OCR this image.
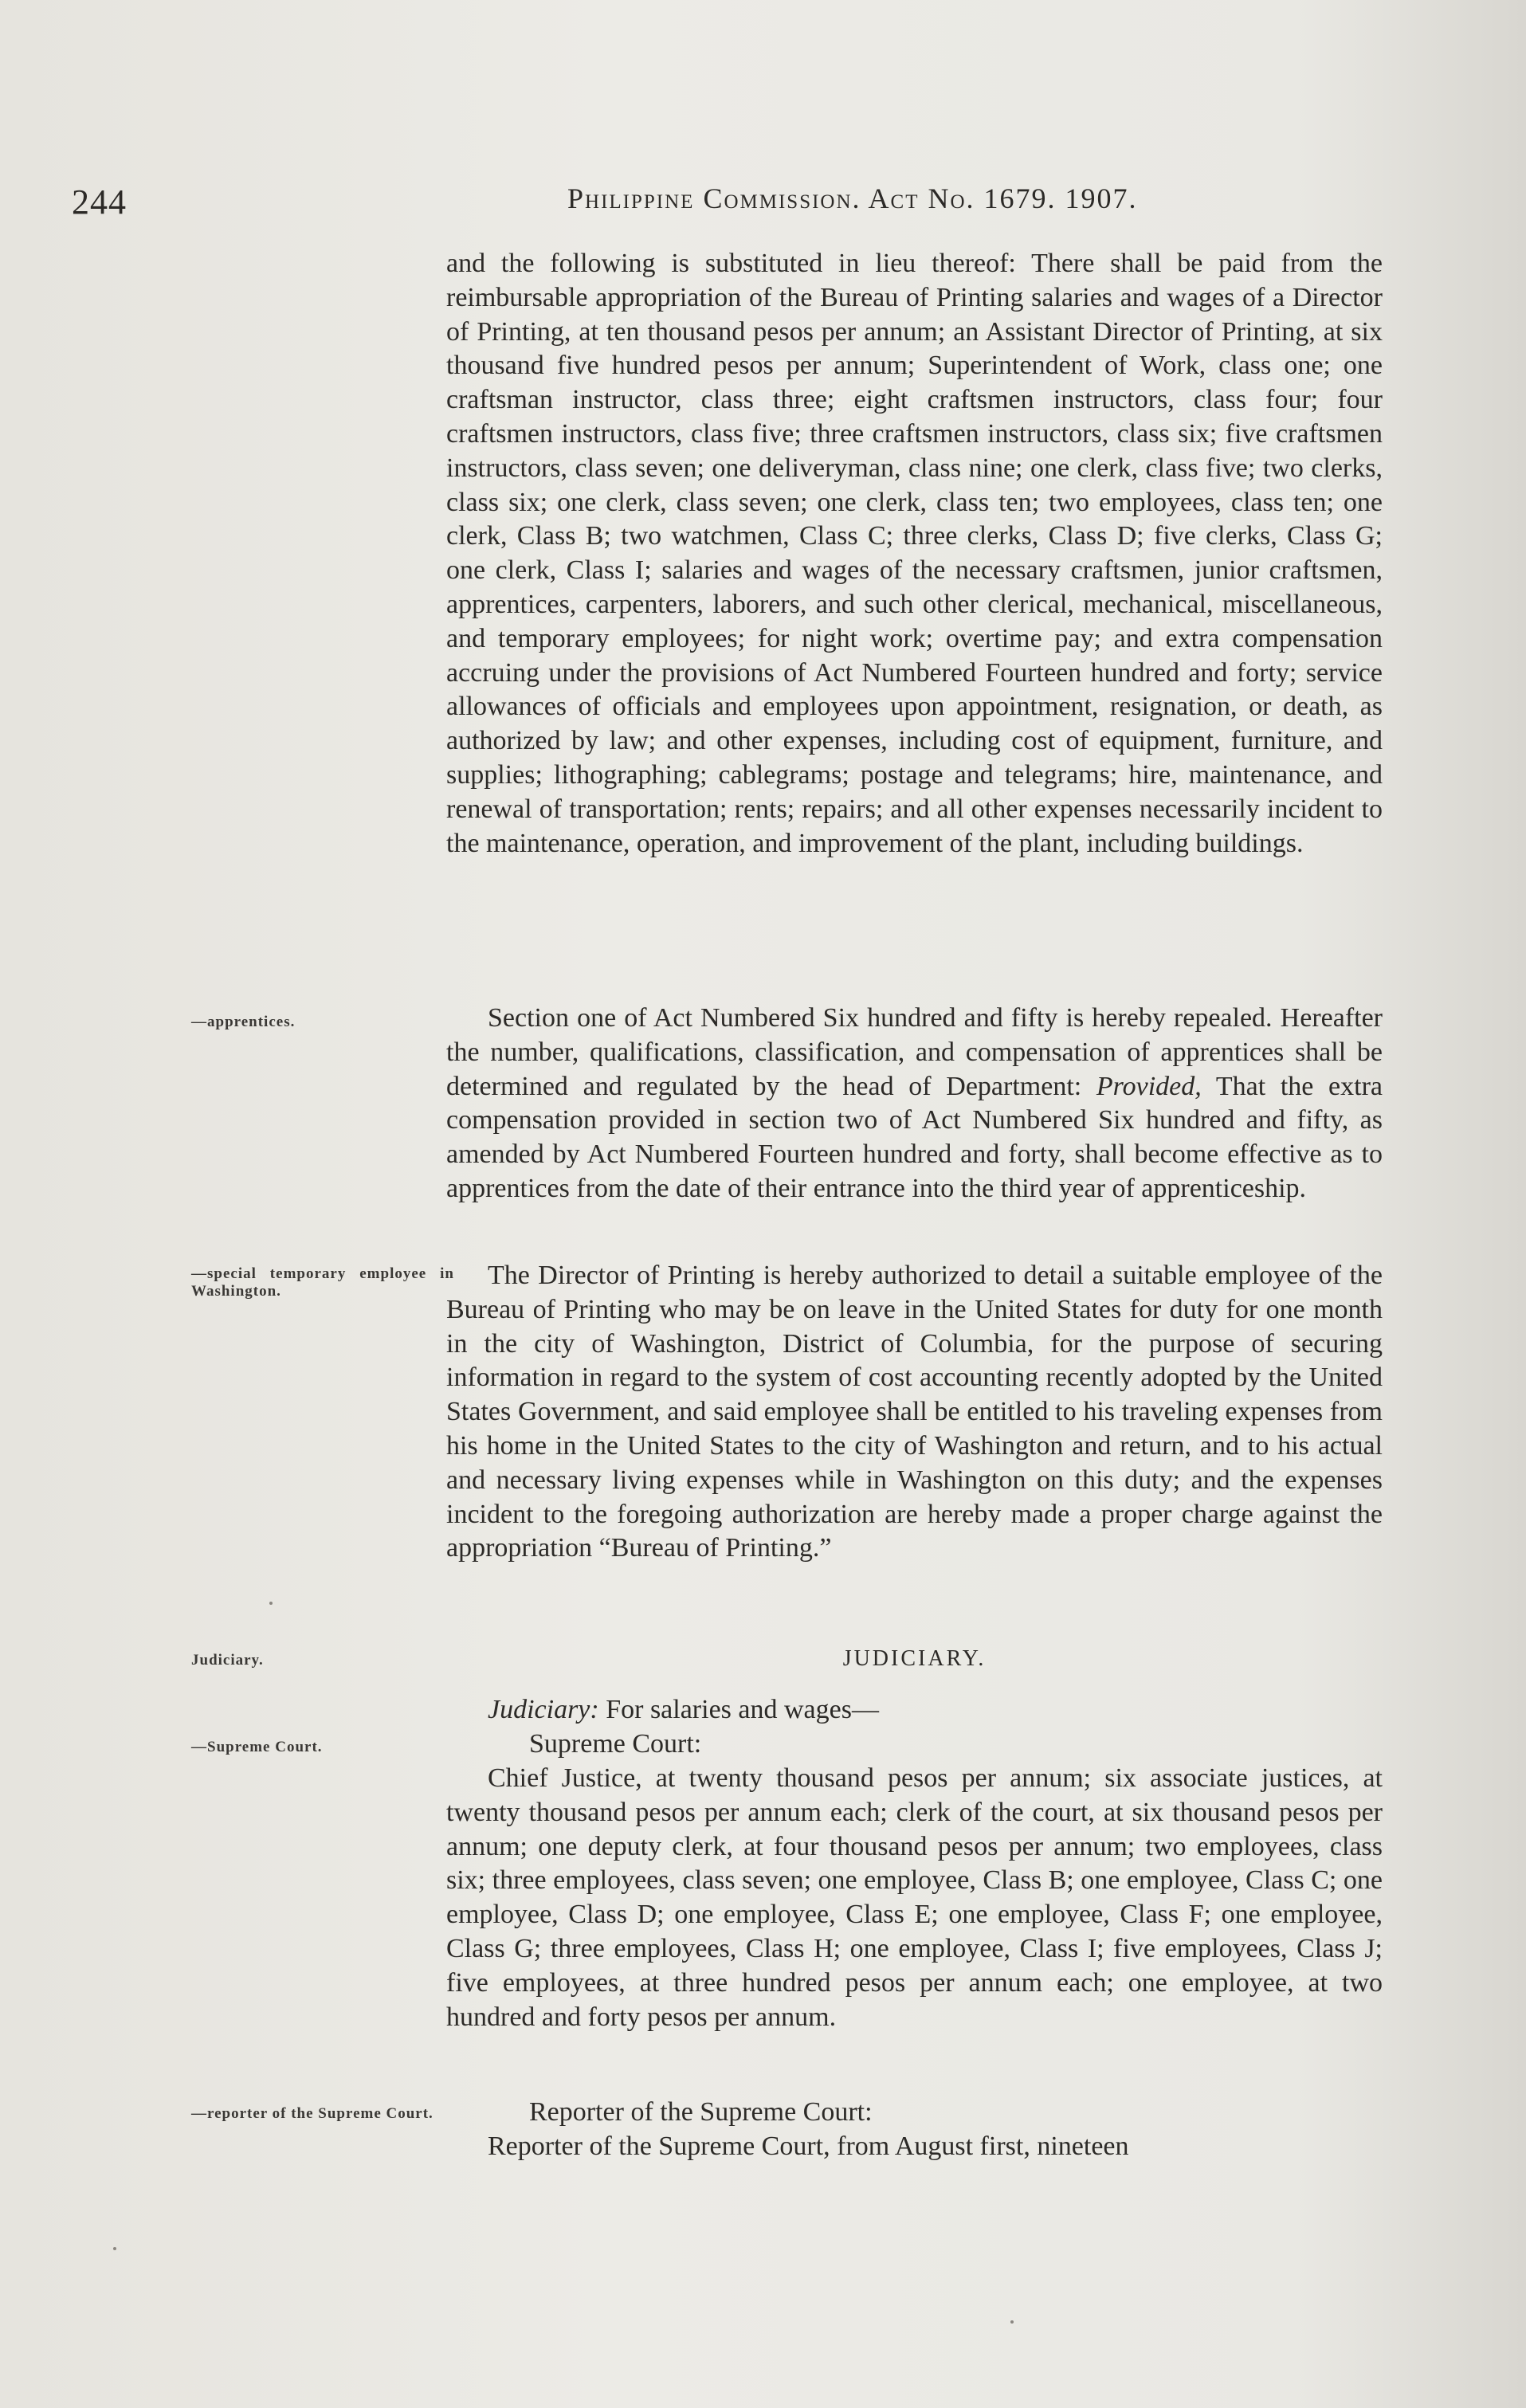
244	Philippine Commission. Act No. 1679. 1907.

and the following is substituted in lieu thereof: There shall be paid from the reimbursable appropriation of the Bureau of Printing salaries and wages of a Director of Printing, at ten thousand pesos per annum; an Assistant Director of Printing, at six thousand five hundred pesos per annum; Superintendent of Work, class one; one craftsman instructor, class three; eight craftsmen instructors, class four; four craftsmen instructors, class five; three craftsmen instructors, class six; five craftsmen instructors, class seven; one deliveryman, class nine; one clerk, class five; two clerks, class six; one clerk, class seven; one clerk, class ten; two employees, class ten; one clerk, Class B; two watchmen, Class C; three clerks, Class D; five clerks, Class G; one clerk, Class I; salaries and wages of the necessary craftsmen, junior craftsmen, apprentices, carpenters, laborers, and such other clerical, mechanical, miscellaneous, and temporary employees; for night work; overtime pay; and extra compensation accruing under the provisions of Act Numbered Fourteen hundred and forty; service allowances of officials and employees upon appointment, resignation, or death, as authorized by law; and other expenses, including cost of equipment, furniture, and supplies; lithographing; cablegrams; postage and telegrams; hire, maintenance, and renewal of transportation; rents; repairs; and all other expenses necessarily incident to the maintenance, operation, and improvement of the plant, including buildings.

—apprentices.	Section one of Act Numbered Six hundred and fifty is hereby repealed. Hereafter the number, qualifications, classification, and compensation of apprentices shall be determined and regulated by the head of Department: Provided, That the extra compensation provided in section two of Act Numbered Six hundred and fifty, as amended by Act Numbered Fourteen hundred and forty, shall become effective as to apprentices from the date of their entrance into the third year of apprenticeship.

—special temporary employee in Washington.

The Director of Printing is hereby authorized to detail a suitable employee of the Bureau of Printing who may be on leave in the United States for duty for one month in the city of Washington, District of Columbia, for the purpose of securing information in regard to the system of cost accounting recently adopted by the United States Government, and said employee shall be entitled to his traveling expenses from his home in the United States to the city of Washington and return, and to his actual and necessary living expenses while in Washington on this duty; and the expenses incident to the foregoing authorization are hereby made a proper charge against the appropriation “Bureau of Printing.”

Judiciary.	JUDICIARY.

Judiciary: For salaries and wages—

—Supreme Court.	Supreme Court:

Chief Justice, at twenty thousand pesos per annum; six associate justices, at twenty thousand pesos per annum each; clerk of the court, at six thousand pesos per annum; one deputy clerk, at four thousand pesos per annum; two employees, class six; three employees, class seven; one employee, Class B; one employee, Class C; one employee, Class D; one employee, Class E; one employee, Class F; one employee, Class G; three employees, Class H; one employee, Class I; five employees, Class J; five employees, at three hundred pesos per annum each; one employee, at two hundred and forty pesos per annum.

—reporter of the Supreme Court.	Reporter of the Supreme Court:

Reporter of the Supreme Court, from August first, nineteen
